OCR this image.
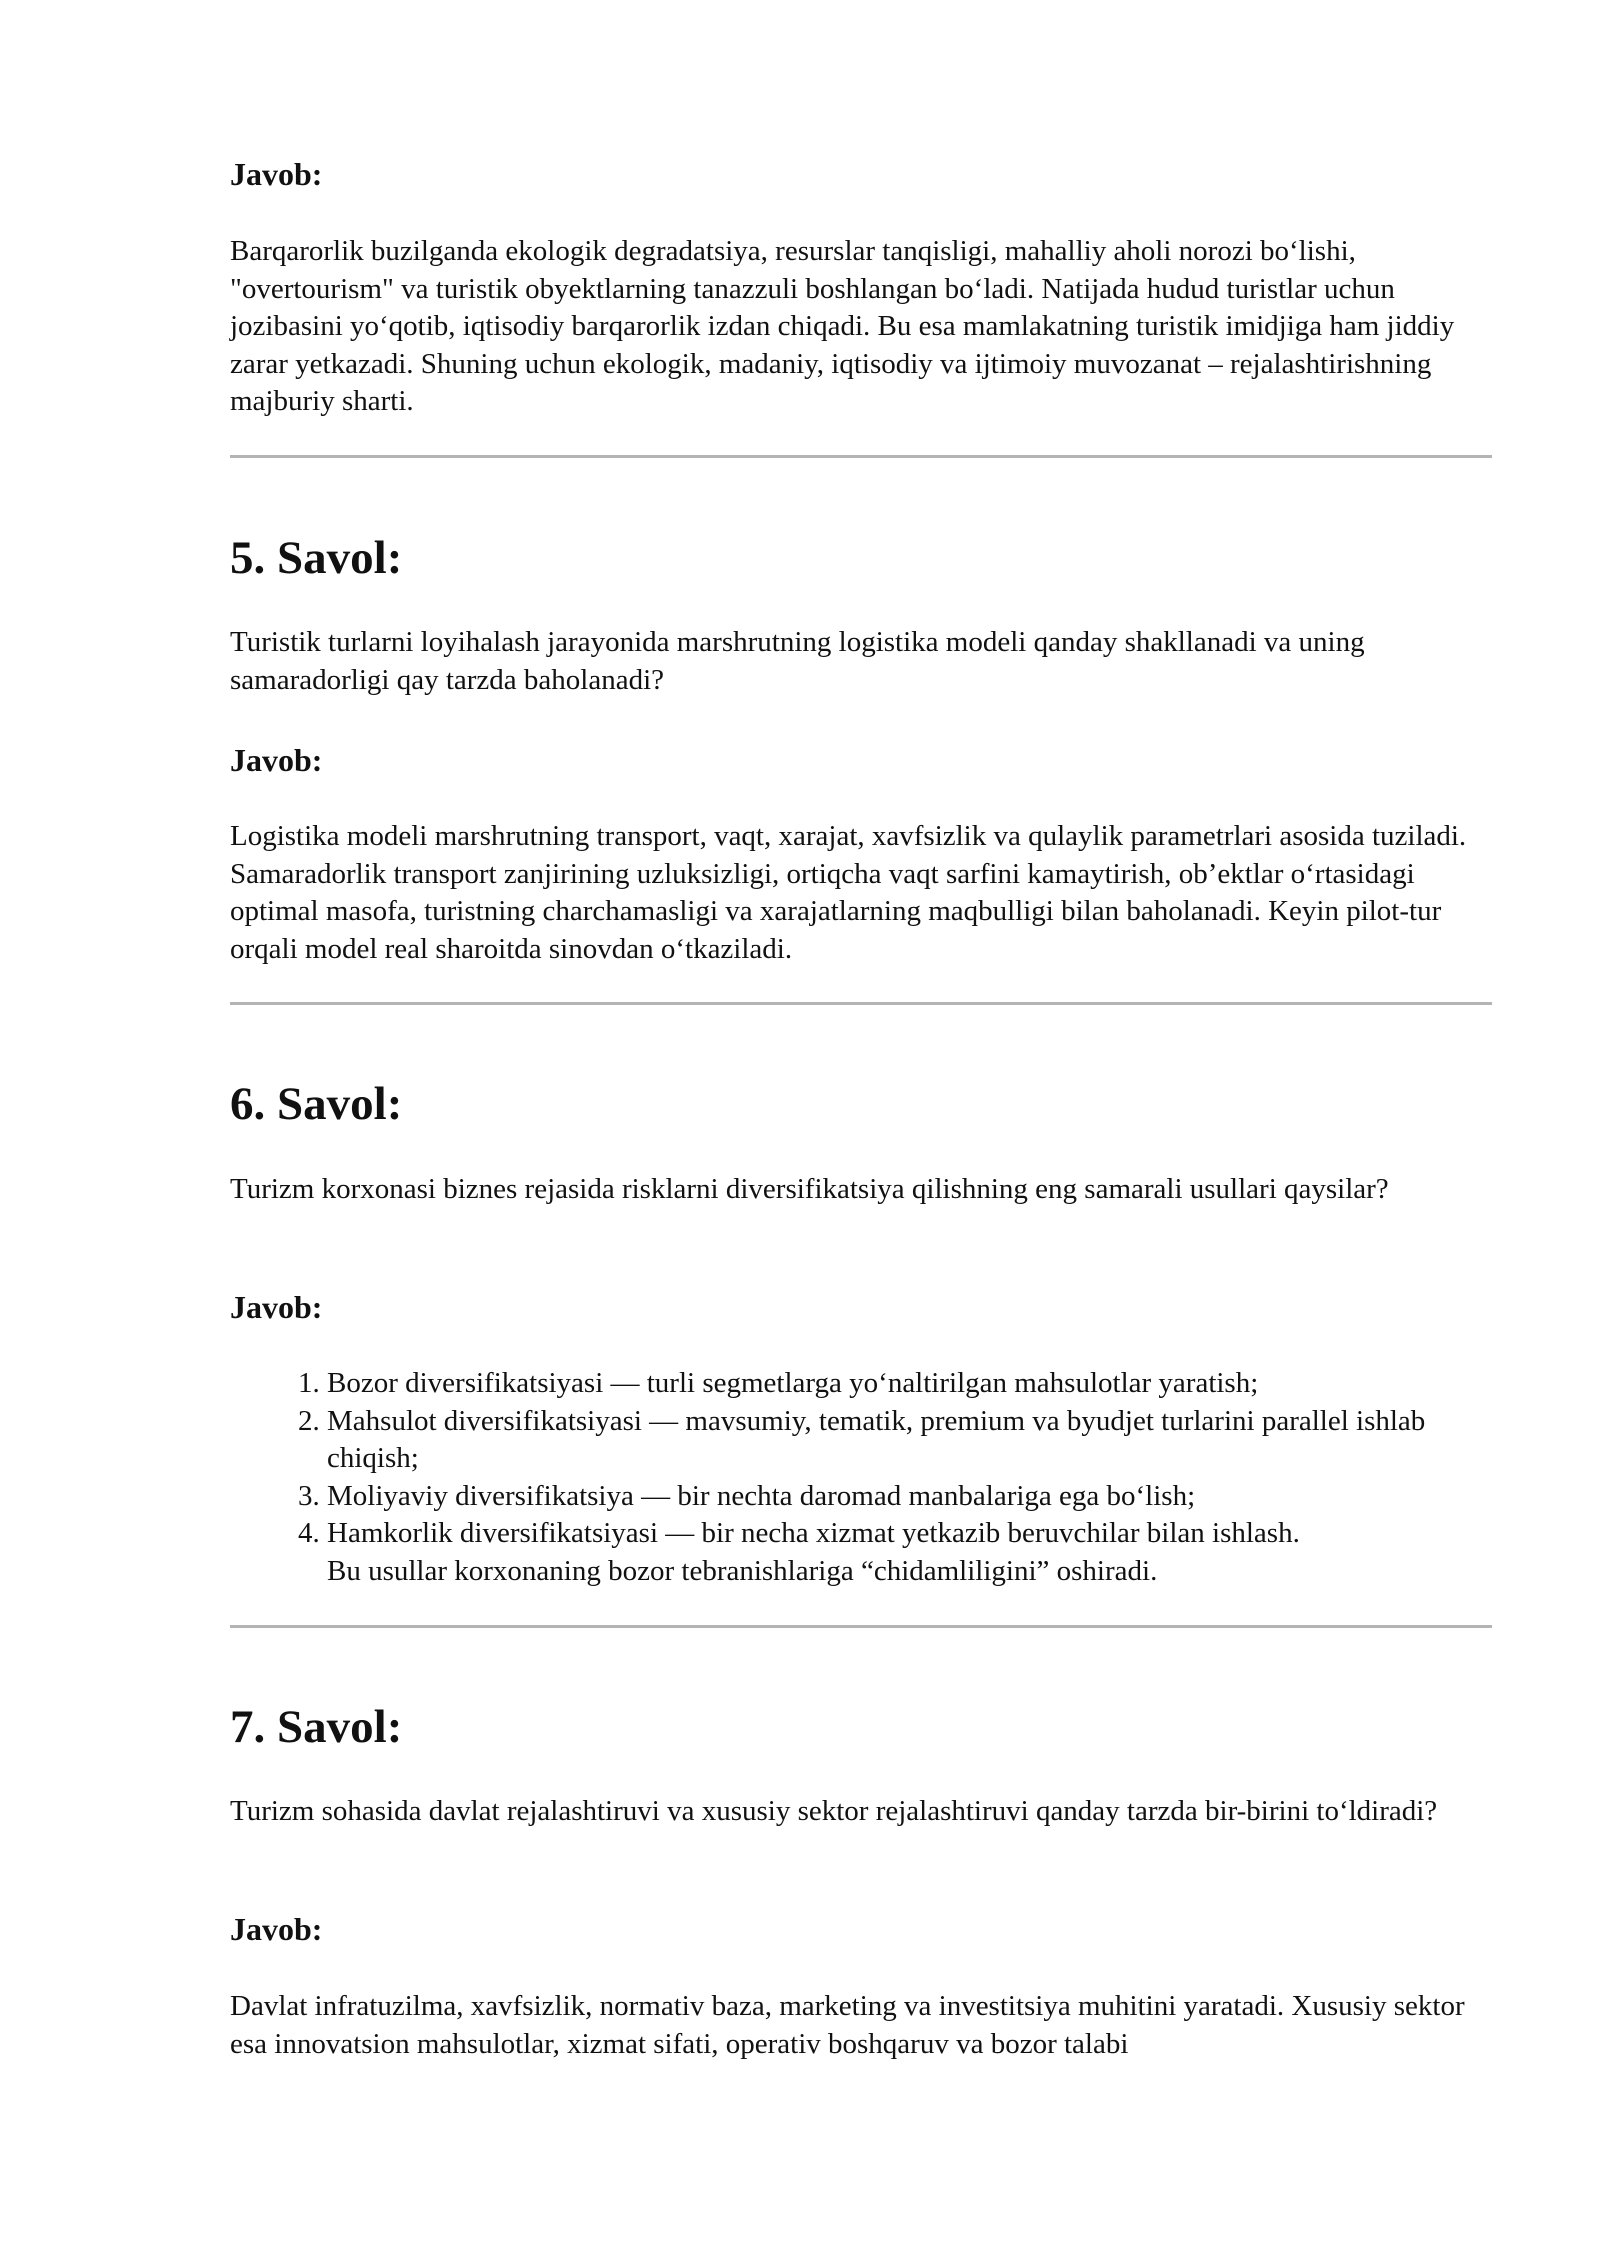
Javob:

Barqarorlik buzilganda ekologik degradatsiya, resurslar tanqisligi, mahalliy aholi norozi bo‘lishi, "overtourism" va turistik obyektlarning tanazzuli boshlangan bo‘ladi. Natijada hudud turistlar uchun jozibasini yo‘qotib, iqtisodiy barqarorlik izdan chiqadi. Bu esa mamlakatning turistik imidjiga ham jiddiy zarar yetkazadi. Shuning uchun ekologik, madaniy, iqtisodiy va ijtimoiy muvozanat – rejalashtirishning majburiy sharti.

5. Savol:

Turistik turlarni loyihalash jarayonida marshrutning logistika modeli qanday shakllanadi va uning samaradorligi qay tarzda baholanadi?

Javob:

Logistika modeli marshrutning transport, vaqt, xarajat, xavfsizlik va qulaylik parametrlari asosida tuziladi. Samaradorlik transport zanjirining uzluksizligi, ortiqcha vaqt sarfini kamaytirish, ob’ektlar o‘rtasidagi optimal masofa, turistning charchamasligi va xarajatlarning maqbulligi bilan baholanadi. Keyin pilot-tur orqali model real sharoitda sinovdan o‘tkaziladi.

6. Savol:

Turizm korxonasi biznes rejasida risklarni diversifikatsiya qilishning eng samarali usullari qaysilar?

Javob:

1. Bozor diversifikatsiyasi — turli segmetlarga yo‘naltirilgan mahsulotlar yaratish;
2. Mahsulot diversifikatsiyasi — mavsumiy, tematik, premium va byudjet turlarini parallel ishlab chiqish;
3. Moliyaviy diversifikatsiya — bir nechta daromad manbalariga ega bo‘lish;
4. Hamkorlik diversifikatsiyasi — bir necha xizmat yetkazib beruvchilar bilan ishlash.
Bu usullar korxonaning bozor tebranishlariga “chidamliligini” oshiradi.
7. Savol:

Turizm sohasida davlat rejalashtiruvi va xususiy sektor rejalashtiruvi qanday tarzda bir-birini to‘ldiradi?

Javob:

Davlat infratuzilma, xavfsizlik, normativ baza, marketing va investitsiya muhitini yaratadi. Xususiy sektor esa innovatsion mahsulotlar, xizmat sifati, operativ boshqaruv va bozor talabi
